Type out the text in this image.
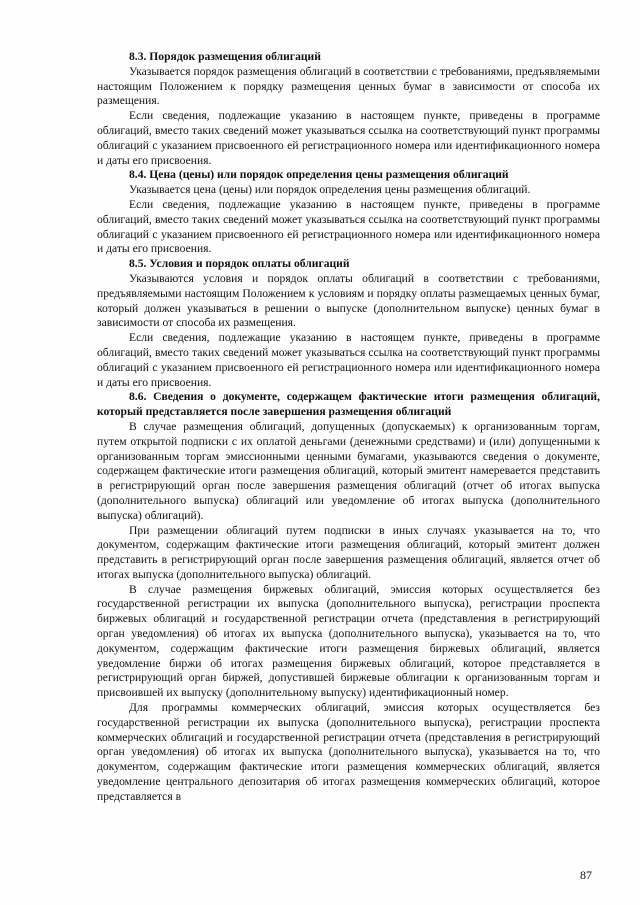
8.3. Порядок размещения облигаций

Указывается порядок размещения облигаций в соответствии с требованиями, предъявляемыми настоящим Положением к порядку размещения ценных бумаг в зависимости от способа их размещения.

Если сведения, подлежащие указанию в настоящем пункте, приведены в программе облигаций, вместо таких сведений может указываться ссылка на соответствующий пункт программы облигаций с указанием присвоенного ей регистрационного номера или идентификационного номера и даты его присвоения.

8.4. Цена (цены) или порядок определения цены размещения облигаций

Указывается цена (цены) или порядок определения цены размещения облигаций.

Если сведения, подлежащие указанию в настоящем пункте, приведены в программе облигаций, вместо таких сведений может указываться ссылка на соответствующий пункт программы облигаций с указанием присвоенного ей регистрационного номера или идентификационного номера и даты его присвоения.

8.5. Условия и порядок оплаты облигаций

Указываются условия и порядок оплаты облигаций в соответствии с требованиями, предъявляемыми настоящим Положением к условиям и порядку оплаты размещаемых ценных бумаг, который должен указываться в решении о выпуске (дополнительном выпуске) ценных бумаг в зависимости от способа их размещения.

Если сведения, подлежащие указанию в настоящем пункте, приведены в программе облигаций, вместо таких сведений может указываться ссылка на соответствующий пункт программы облигаций с указанием присвоенного ей регистрационного номера или идентификационного номера и даты его присвоения.

8.6. Сведения о документе, содержащем фактические итоги размещения облигаций, который представляется после завершения размещения облигаций

В случае размещения облигаций, допущенных (допускаемых) к организованным торгам, путем открытой подписки с их оплатой деньгами (денежными средствами) и (или) допущенными к организованным торгам эмиссионными ценными бумагами, указываются сведения о документе, содержащем фактические итоги размещения облигаций, который эмитент намеревается представить в регистрирующий орган после завершения размещения облигаций (отчет об итогах выпуска (дополнительного выпуска) облигаций или уведомление об итогах выпуска (дополнительного выпуска) облигаций).

При размещении облигаций путем подписки в иных случаях указывается на то, что документом, содержащим фактические итоги размещения облигаций, который эмитент должен представить в регистрирующий орган после завершения размещения облигаций, является отчет об итогах выпуска (дополнительного выпуска) облигаций.

В случае размещения биржевых облигаций, эмиссия которых осуществляется без государственной регистрации их выпуска (дополнительного выпуска), регистрации проспекта биржевых облигаций и государственной регистрации отчета (представления в регистрирующий орган уведомления) об итогах их выпуска (дополнительного выпуска), указывается на то, что документом, содержащим фактические итоги размещения биржевых облигаций, является уведомление биржи об итогах размещения биржевых облигаций, которое представляется в регистрирующий орган биржей, допустившей биржевые облигации к организованным торгам и присвоившей их выпуску (дополнительному выпуску) идентификационный номер.

Для программы коммерческих облигаций, эмиссия которых осуществляется без государственной регистрации их выпуска (дополнительного выпуска), регистрации проспекта коммерческих облигаций и государственной регистрации отчета (представления в регистрирующий орган уведомления) об итогах их выпуска (дополнительного выпуска), указывается на то, что документом, содержащим фактические итоги размещения коммерческих облигаций, является уведомление центрального депозитария об итогах размещения коммерческих облигаций, которое представляется в

87
